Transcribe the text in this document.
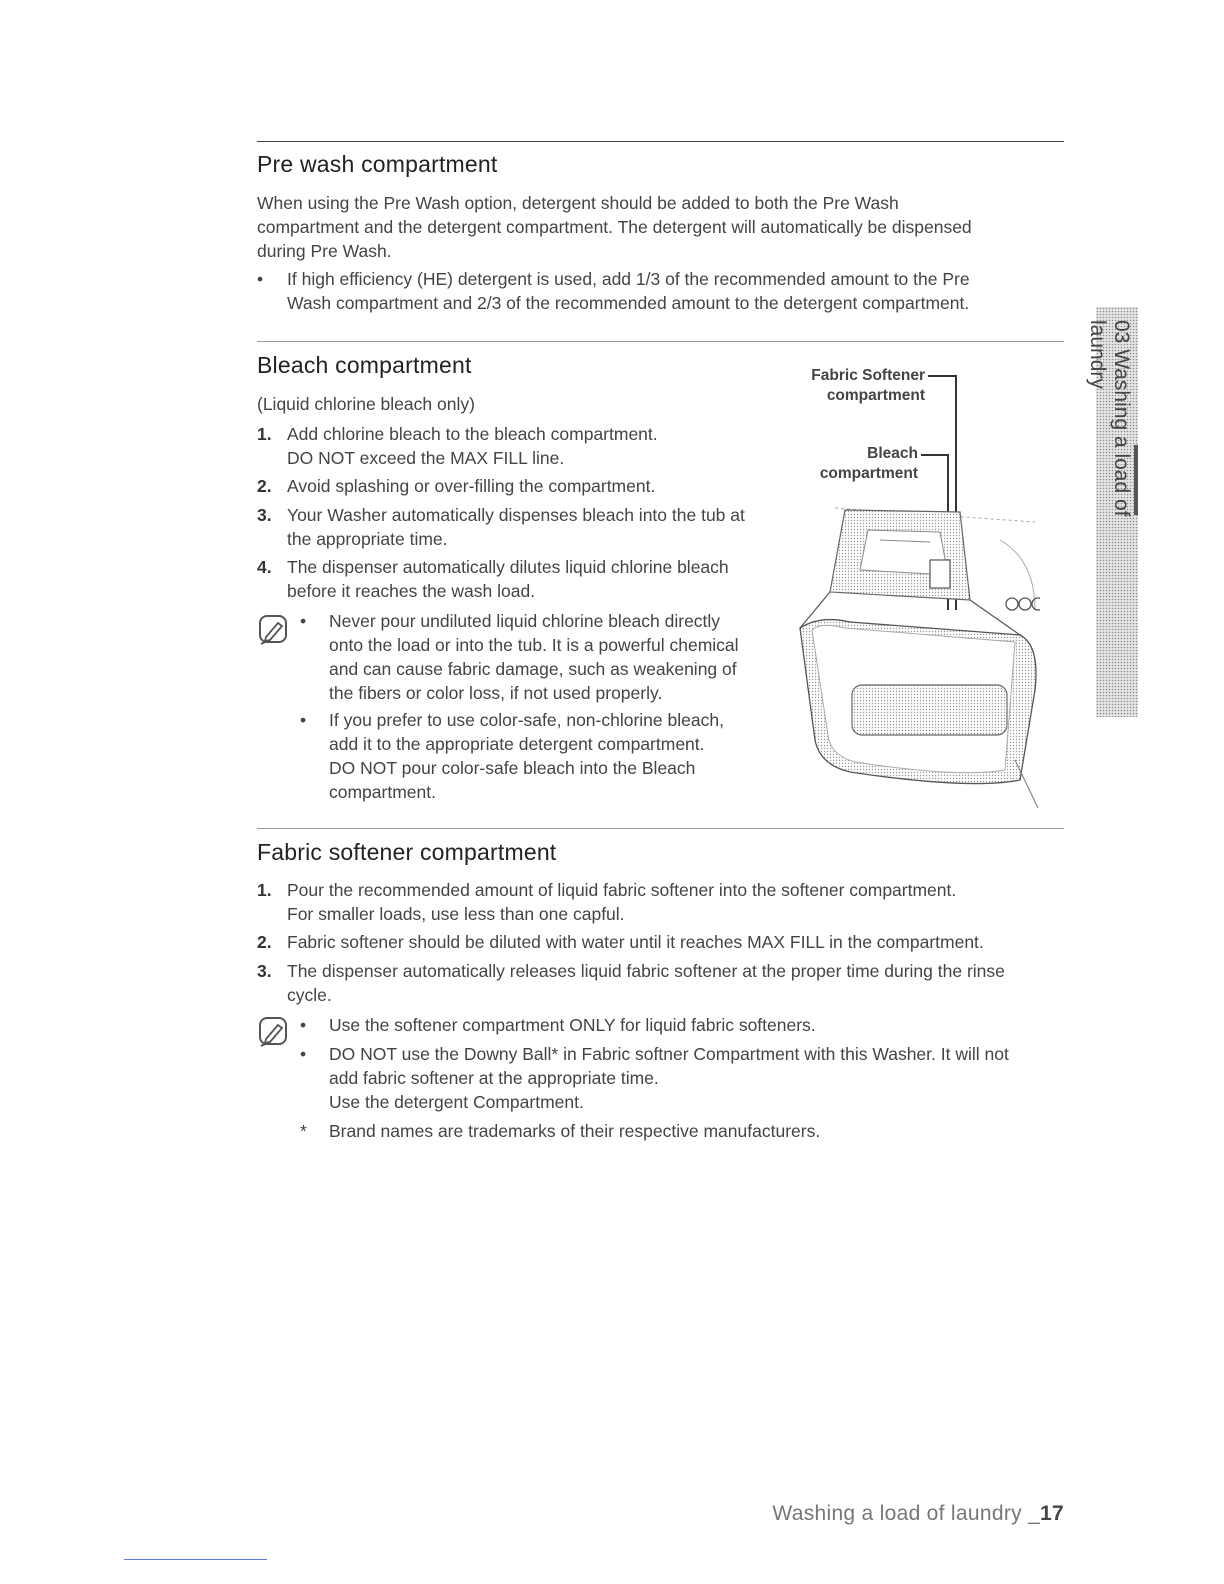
Pre wash compartment

When using the Pre Wash option, detergent should be added to both the Pre Wash

compartment and the detergent compartment. The detergent will automatically be dispensed

during Pre Wash.

•	If high efficiency (HE) detergent is used, add 1/3 of the recommended amount to the Pre
Wash compartment and 2/3 of the recommended amount to the detergent compartment.
Bleach compartment

(Liquid chlorine bleach only)

1. Add chlorine bleach to the bleach compartment.
DO NOT exceed the MAX FILL line.
2. Avoid splashing or over-filling the compartment.
3. Your Washer automatically dispenses bleach into the tub at
the appropriate time.
4. The dispenser automatically dilutes liquid chlorine bleach
before it reaches the wash load.
• Never pour undiluted liquid chlorine bleach directly
onto the load or into the tub. It is a powerful chemical
and can cause fabric damage, such as weakening of
the fibers or color loss, if not used properly.
• If you prefer to use color-safe, non-chlorine bleach,
add it to the appropriate detergent compartment.
DO NOT pour color-safe bleach into the Bleach
compartment.
Fabric Softener
compartment
Bleach
compartment
Fabric softener compartment
1. Pour the recommended amount of liquid fabric softener into the softener compartment.
For smaller loads, use less than one capful.
2. Fabric softener should be diluted with water until it reaches MAX FILL in the compartment.
3. The dispenser automatically releases liquid fabric softener at the proper time during the rinse
cycle.
• Use the softener compartment ONLY for liquid fabric softeners.
• DO NOT use the Downy Ball* in Fabric softner Compartment with this Washer. It will not
add fabric softener at the appropriate time.
Use the detergent Compartment.
* Brand names are trademarks of their respective manufacturers.
03 Washing a load of laundry

Washing a load of laundry _17
